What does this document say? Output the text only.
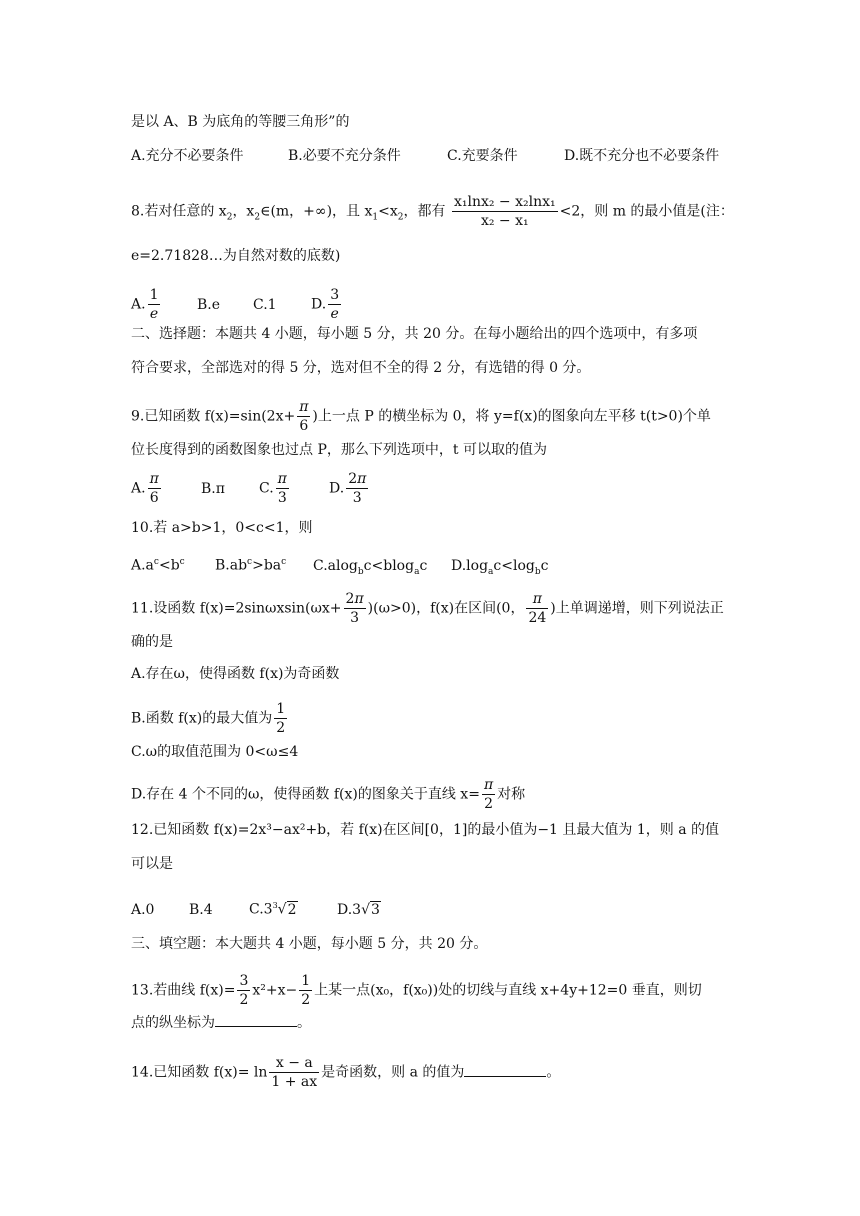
是以 A、B 为底角的等腰三角形”的
A.充分不必要条件	B.必要不充分条件	C.充要条件	D.既不充分也不必要条件
8.若对任意的 $x_2$，$x_2\in(m$，+∞)，且 $x_1<x_2$，都有 $\frac{\text{x₁lnx₂ − x₂lnx₁}}{\text{x₂ − x₁}} <2$，则 m 的最小值是(注：
e=2.71828…为自然对数的底数)
A. $\frac{1}{e}$	B.e C.1 D. $\frac{3}{e}$
二、选择题：本题共 4 小题，每小题 5 分，共 20 分。在每小题给出的四个选项中，有多项
符合要求，全部选对的得 5 分，选对但不全的得 2 分，有选错的得 0 分。
9.已知函数 $f(x)=\sin(2x+ \frac{\pi}{6}$ )上一点 P 的横坐标为 0，将 y=f(x)的图象向左平移 t(t>0)个单
位长度得到的函数图象也过点 P，那么下列选项中，t 可以取的值为
A. $\frac{\pi}{6}$	B.π C. $\frac{\pi}{3}$	D. $\frac{2\pi}{3}$
10.若 a>b>1，0<c<1，则
$A.a^c<b^c$ $B.ab^c>ba^c$ C.alog$_b$c<blog$_a$c $D.\log_ac<\log_bc$
11.设函数 $f(x)=2\sin\omega xsin(\omega x+ \frac{2\pi}{3} )(\omega>0)$，f(x)在区间(0， $\frac{\pi}{24}$ )上单调递增，则下列说法正
确的是
A.存在ω，使得函数 f(x)为奇函数
B.函数 f(x)的最大值为 $\frac{1}{2}$
C.ω的取值范围为 0<ω≤4
D.存在 4 个不同的ω，使得函数 f(x)的图象关于直线 $x= \frac{\pi}{2}$ 对称
12.已知函数 f(x)=2x³−ax²+b，若 f(x)在区间[0，1]的最小值为−1 且最大值为 1，则 a 的值
可以是
A.0 B.4	$C.3^3√2$	D.3√3
三、填空题：本大题共 4 小题，每小题 5 分，共 20 分。
13.若曲线 $f(x)= \frac{3}{2} x^2+x- \frac{1}{2}$ 上某一点(x₀，f(x₀))处的切线与直线 x+4y+12=0 垂直，则切
点的纵坐标为	。
14.已知函数 $f(x)= \ln \frac{x - a}{1 + ax}$ 是奇函数，则 a 的值为	。
